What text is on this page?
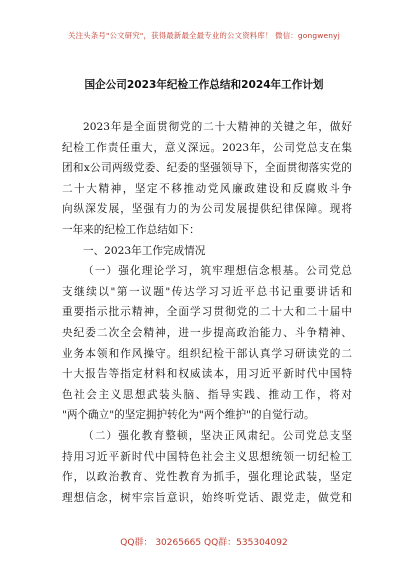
关注头条号"公文研究"，获得最新最全最专业的公文资料库！ 微信：gongwenyj
国企公司2023年纪检工作总结和2024年工作计划
2023年是全面贯彻党的二十大精神的关键之年，做好
纪检工作责任重大，意义深远。2023年，公司党总支在集
团和x公司两级党委、纪委的坚强领导下，全面贯彻落实党的
二十大精神，坚定不移推动党风廉政建设和反腐败斗争
向纵深发展，坚强有力的为公司发展提供纪律保障。现将
一年来的纪检工作总结如下：
一、2023年工作完成情况
（一）强化理论学习，筑牢理想信念根基。公司党总
支继续以"第一议题"传达学习习近平总书记重要讲话和
重要指示批示精神，全面学习贯彻党的二十大和二十届中
央纪委二次全会精神，进一步提高政治能力、斗争精神、
业务本领和作风操守。组织纪检干部认真学习研读党的二
十大报告等指定材料和权威读本，用习近平新时代中国特
色社会主义思想武装头脑、指导实践、推动工作，将对
"两个确立"的坚定拥护转化为"两个维护"的自觉行动。
（二）强化教育整顿，坚决正风肃纪。公司党总支坚
持用习近平新时代中国特色社会主义思想统领一切纪检工
作，以政治教育、党性教育为抓手，强化理论武装，坚定
理想信念，树牢宗旨意识，始终听党话、跟党走，做党和
QQ群： 30265665 QQ群：535304092
